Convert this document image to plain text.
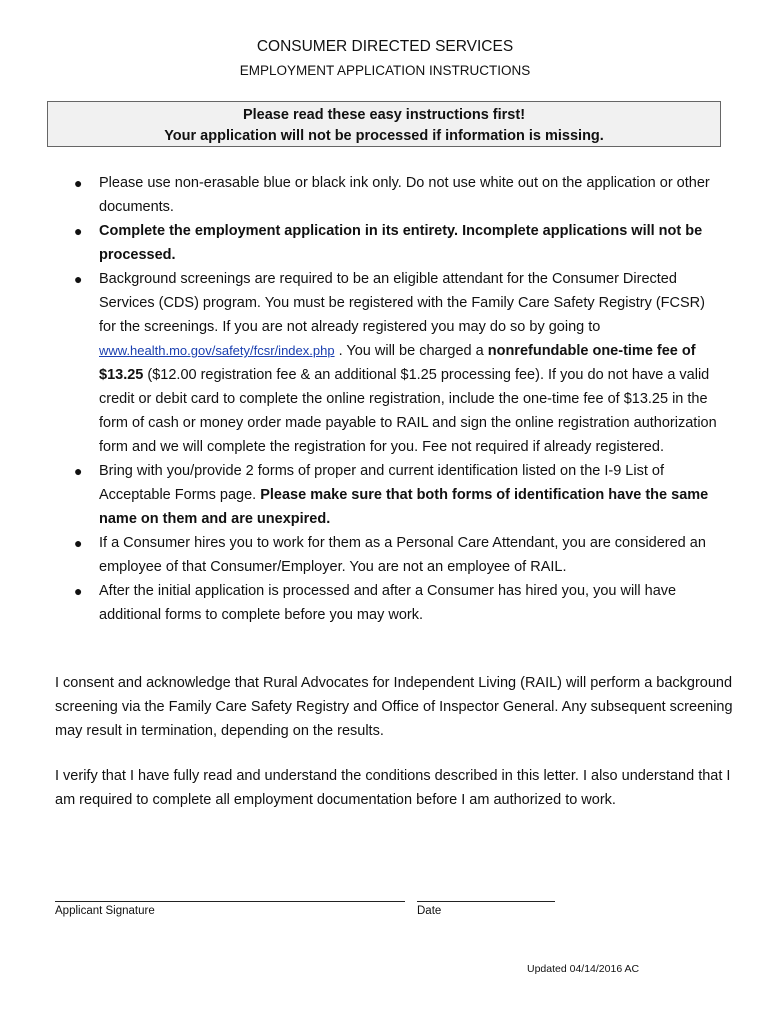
CONSUMER DIRECTED SERVICES
EMPLOYMENT APPLICATION INSTRUCTIONS
Please read these easy instructions first!
Your application will not be processed if information is missing.
● Please use non-erasable blue or black ink only. Do not use white out on the application or other documents.
● Complete the employment application in its entirety. Incomplete applications will not be processed.
● Background screenings are required to be an eligible attendant for the Consumer Directed Services (CDS) program. You must be registered with the Family Care Safety Registry (FCSR) for the screenings. If you are not already registered you may do so by going to www.health.mo.gov/safety/fcsr/index.php . You will be charged a nonrefundable one-time fee of $13.25 ($12.00 registration fee & an additional $1.25 processing fee). If you do not have a valid credit or debit card to complete the online registration, include the one-time fee of $13.25 in the form of cash or money order made payable to RAIL and sign the online registration authorization form and we will complete the registration for you. Fee not required if already registered.
● Bring with you/provide 2 forms of proper and current identification listed on the I-9 List of Acceptable Forms page. Please make sure that both forms of identification have the same name on them and are unexpired.
● If a Consumer hires you to work for them as a Personal Care Attendant, you are considered an employee of that Consumer/Employer. You are not an employee of RAIL.
● After the initial application is processed and after a Consumer has hired you, you will have additional forms to complete before you may work.

I consent and acknowledge that Rural Advocates for Independent Living (RAIL) will perform a background screening via the Family Care Safety Registry and Office of Inspector General. Any subsequent screening may result in termination, depending on the results.

I verify that I have fully read and understand the conditions described in this letter. I also understand that I am required to complete all employment documentation before I am authorized to work.

Applicant Signature	Date
Updated 04/14/2016 AC
